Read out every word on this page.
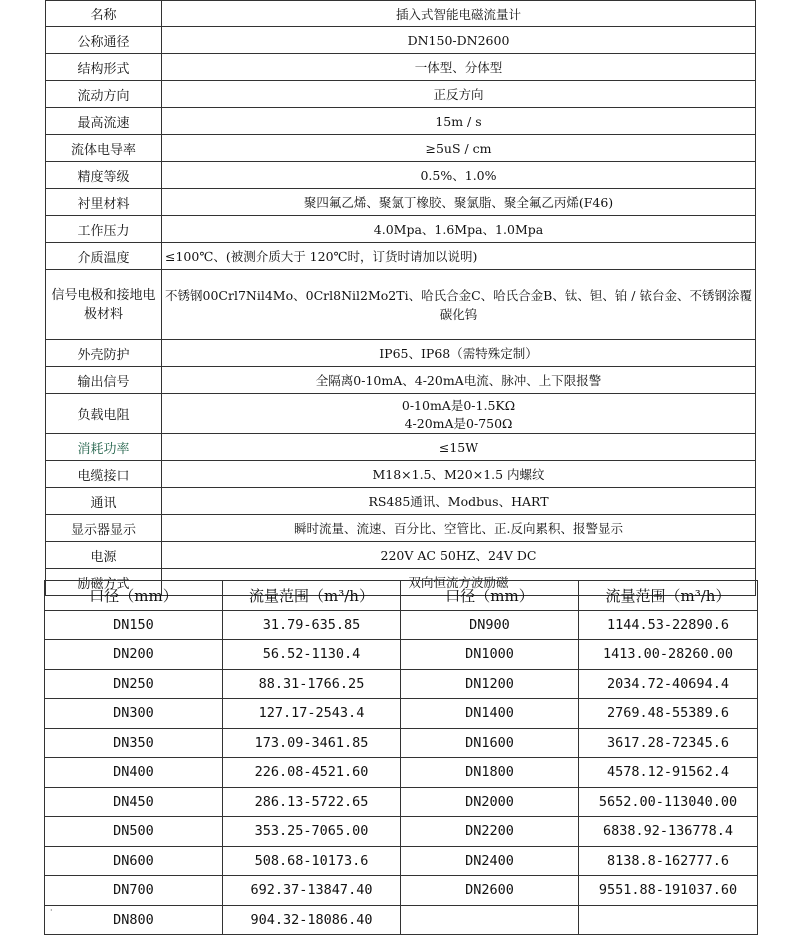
名称	插入式智能电磁流量计
公称通径	DN150-DN2600
结构形式	一体型、分体型
流动方向	正反方向
最高流速	15m / s
流体电导率	≥5uS / cm
精度等级	0.5%、1.0%
衬里材料	聚四氟乙烯、聚氯丁橡胶、聚氯脂、聚全氟乙丙烯(F46)
工作压力	4.0Mpa、1.6Mpa、1.0Mpa
介质温度	≤100℃、(被测介质大于 120℃时，订货时请加以说明)
信号电极和接地电极材料	不锈钢00Crl7Nil4Mo、0Crl8Nil2Mo2Ti、哈氏合金C、哈氏合金B、钛、钽、铂 / 铱台金、不锈钢涂覆碳化钨
外壳防护	IP65、IP68（需特殊定制）
输出信号	全隔离0-10mA、4-20mA电流、脉冲、上下限报警
负载电阻	0-10mA是0-1.5KΩ
4-20mA是0-750Ω

消耗功率	≤15W
电缆接口	M18×1.5、M20×1.5 内螺纹
通讯	RS485通讯、Modbus、HART
显示器显示	瞬时流量、流速、百分比、空管比、正.反向累积、报警显示
电源	220V AC 50HZ、24V DC
励磁方式	双向恒流方波励磁
口径（mm）	流量范围（m³/h）	口径（mm）	流量范围（m³/h）
DN150	31.79-635.85	DN900	1144.53-22890.6
DN200	56.52-1130.4	DN1000	1413.00-28260.00
DN250	88.31-1766.25	DN1200	2034.72-40694.4
DN300	127.17-2543.4	DN1400	2769.48-55389.6
DN350	173.09-3461.85	DN1600	3617.28-72345.6
DN400	226.08-4521.60	DN1800	4578.12-91562.4
DN450	286.13-5722.65	DN2000	5652.00-113040.00
DN500	353.25-7065.00	DN2200	6838.92-136778.4
DN600	508.68-10173.6	DN2400	8138.8-162777.6
DN700	692.37-13847.40	DN2600	9551.88-191037.60
DN800	904.32-18086.40		
·
